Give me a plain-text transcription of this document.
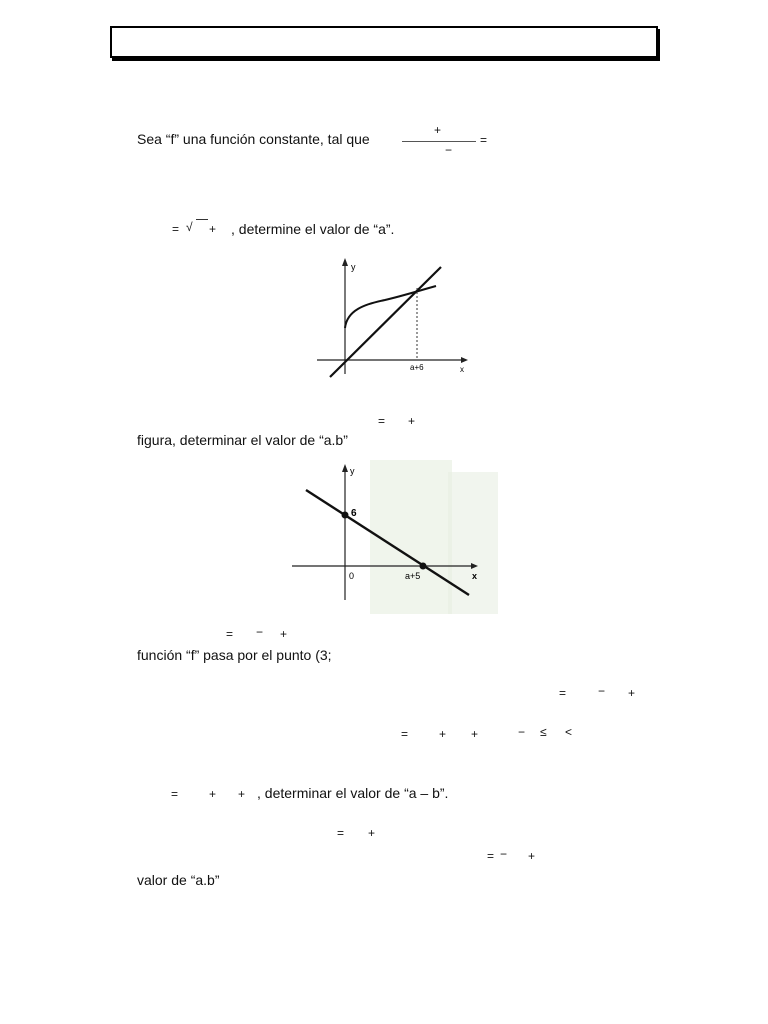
Sea “f” una función constante, tal que
+
−
=
= √ + , determine el valor de “a”.
y
x
a+6
= +
figura, determinar el valor de “a.b”
y
x
6
0	a+5
= − +
función “f” pasa por el punto (3;
=	− +
=	+ +	− ≤ <
=	+ + , determinar el valor de “a – b”.
= +
= − +
valor de “a.b”
